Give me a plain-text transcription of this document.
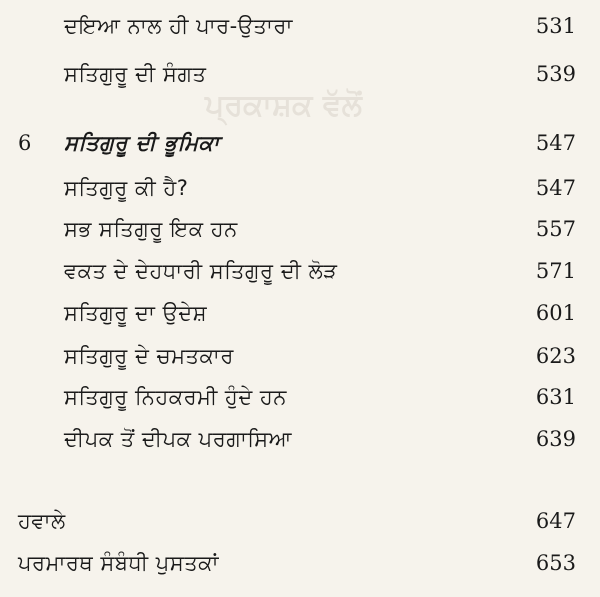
ਪ੍ਰਕਾਸ਼ਕ ਵੱਲੋਂ
ਦਇਆ ਨਾਲ ਹੀ ਪਾਰ-ਉਤਾਰਾ	531
ਸਤਿਗੁਰੂ ਦੀ ਸੰਗਤ	539
6 ਸਤਿਗੁਰੂ ਦੀ ਭੂਮਿਕਾ	547
ਸਤਿਗੁਰੂ ਕੀ ਹੈ?	547
ਸਭ ਸਤਿਗੁਰੂ ਇਕ ਹਨ	557
ਵਕਤ ਦੇ ਦੇਹਧਾਰੀ ਸਤਿਗੁਰੂ ਦੀ ਲੋੜ	571
ਸਤਿਗੁਰੂ ਦਾ ਉਦੇਸ਼	601
ਸਤਿਗੁਰੂ ਦੇ ਚਮਤਕਾਰ	623
ਸਤਿਗੁਰੂ ਨਿਹਕਰਮੀ ਹੁੰਦੇ ਹਨ	631
ਦੀਪਕ ਤੋਂ ਦੀਪਕ ਪਰਗਾਸਿਆ	639
ਹਵਾਲੇ	647
ਪਰਮਾਰਥ ਸੰਬੰਧੀ ਪੁਸਤਕਾਂ	653
